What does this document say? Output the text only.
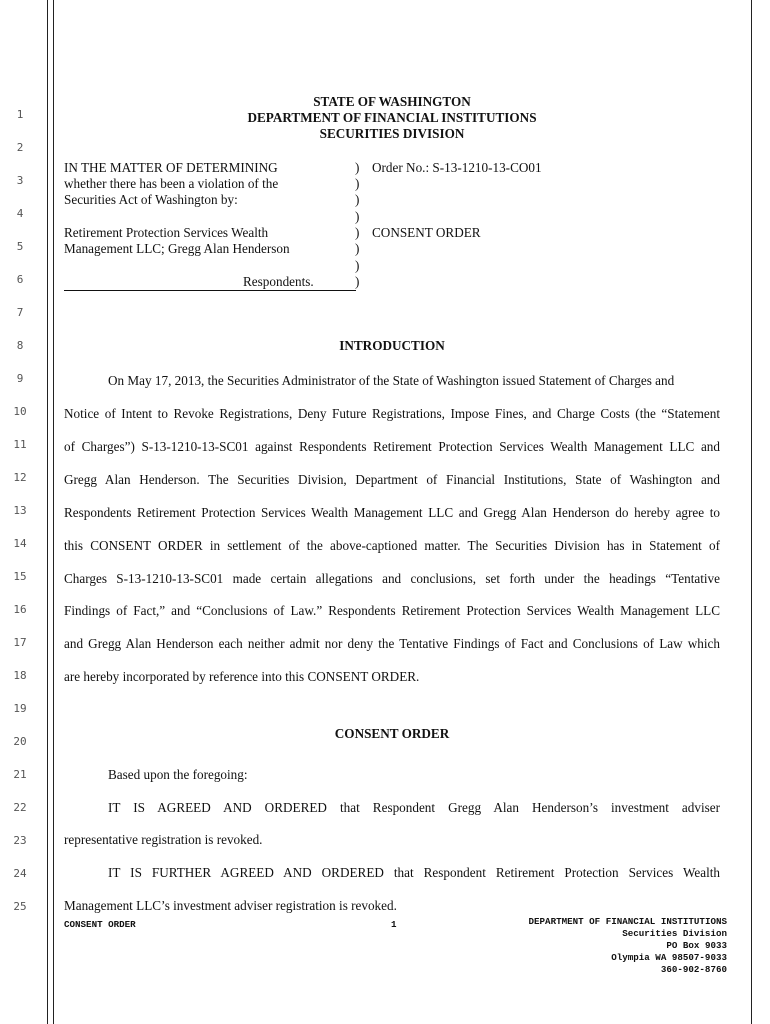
1
2
3
4
5
6
7
8
9
10
11
12
13
14
15
16
17
18
19
20
21
22
23
24
25
STATE OF WASHINGTON
DEPARTMENT OF FINANCIAL INSTITUTIONS
SECURITIES DIVISION
IN THE MATTER OF DETERMINING
whether there has been a violation of the
Securities Act of Washington by:
Retirement Protection Services Wealth
Management LLC; Gregg Alan Henderson
Respondents.
)
)
)
)
)
)
)
)
Order No.: S-13-1210-13-CO01
CONSENT ORDER
INTRODUCTION
On May 17, 2013, the Securities Administrator of the State of Washington issued Statement of Charges and
Notice of Intent to Revoke Registrations, Deny Future Registrations, Impose Fines, and Charge Costs (the “Statement
of Charges”) S-13-1210-13-SC01 against Respondents Retirement Protection Services Wealth Management LLC and
Gregg Alan Henderson. The Securities Division, Department of Financial Institutions, State of Washington and
Respondents Retirement Protection Services Wealth Management LLC and Gregg Alan Henderson do hereby agree to
this CONSENT ORDER in settlement of the above-captioned matter. The Securities Division has in Statement of
Charges S-13-1210-13-SC01 made certain allegations and conclusions, set forth under the headings “Tentative
Findings of Fact,” and “Conclusions of Law.” Respondents Retirement Protection Services Wealth Management LLC
and Gregg Alan Henderson each neither admit nor deny the Tentative Findings of Fact and Conclusions of Law which
are hereby incorporated by reference into this CONSENT ORDER.
CONSENT ORDER
Based upon the foregoing:
IT IS AGREED AND ORDERED that Respondent Gregg Alan Henderson’s investment adviser
representative registration is revoked.
IT IS FURTHER AGREED AND ORDERED that Respondent Retirement Protection Services Wealth
Management LLC’s investment adviser registration is revoked.
CONSENT ORDER	1	DEPARTMENT OF FINANCIAL INSTITUTIONS
Securities Division
PO Box 9033
Olympia WA 98507-9033
360-902-8760
